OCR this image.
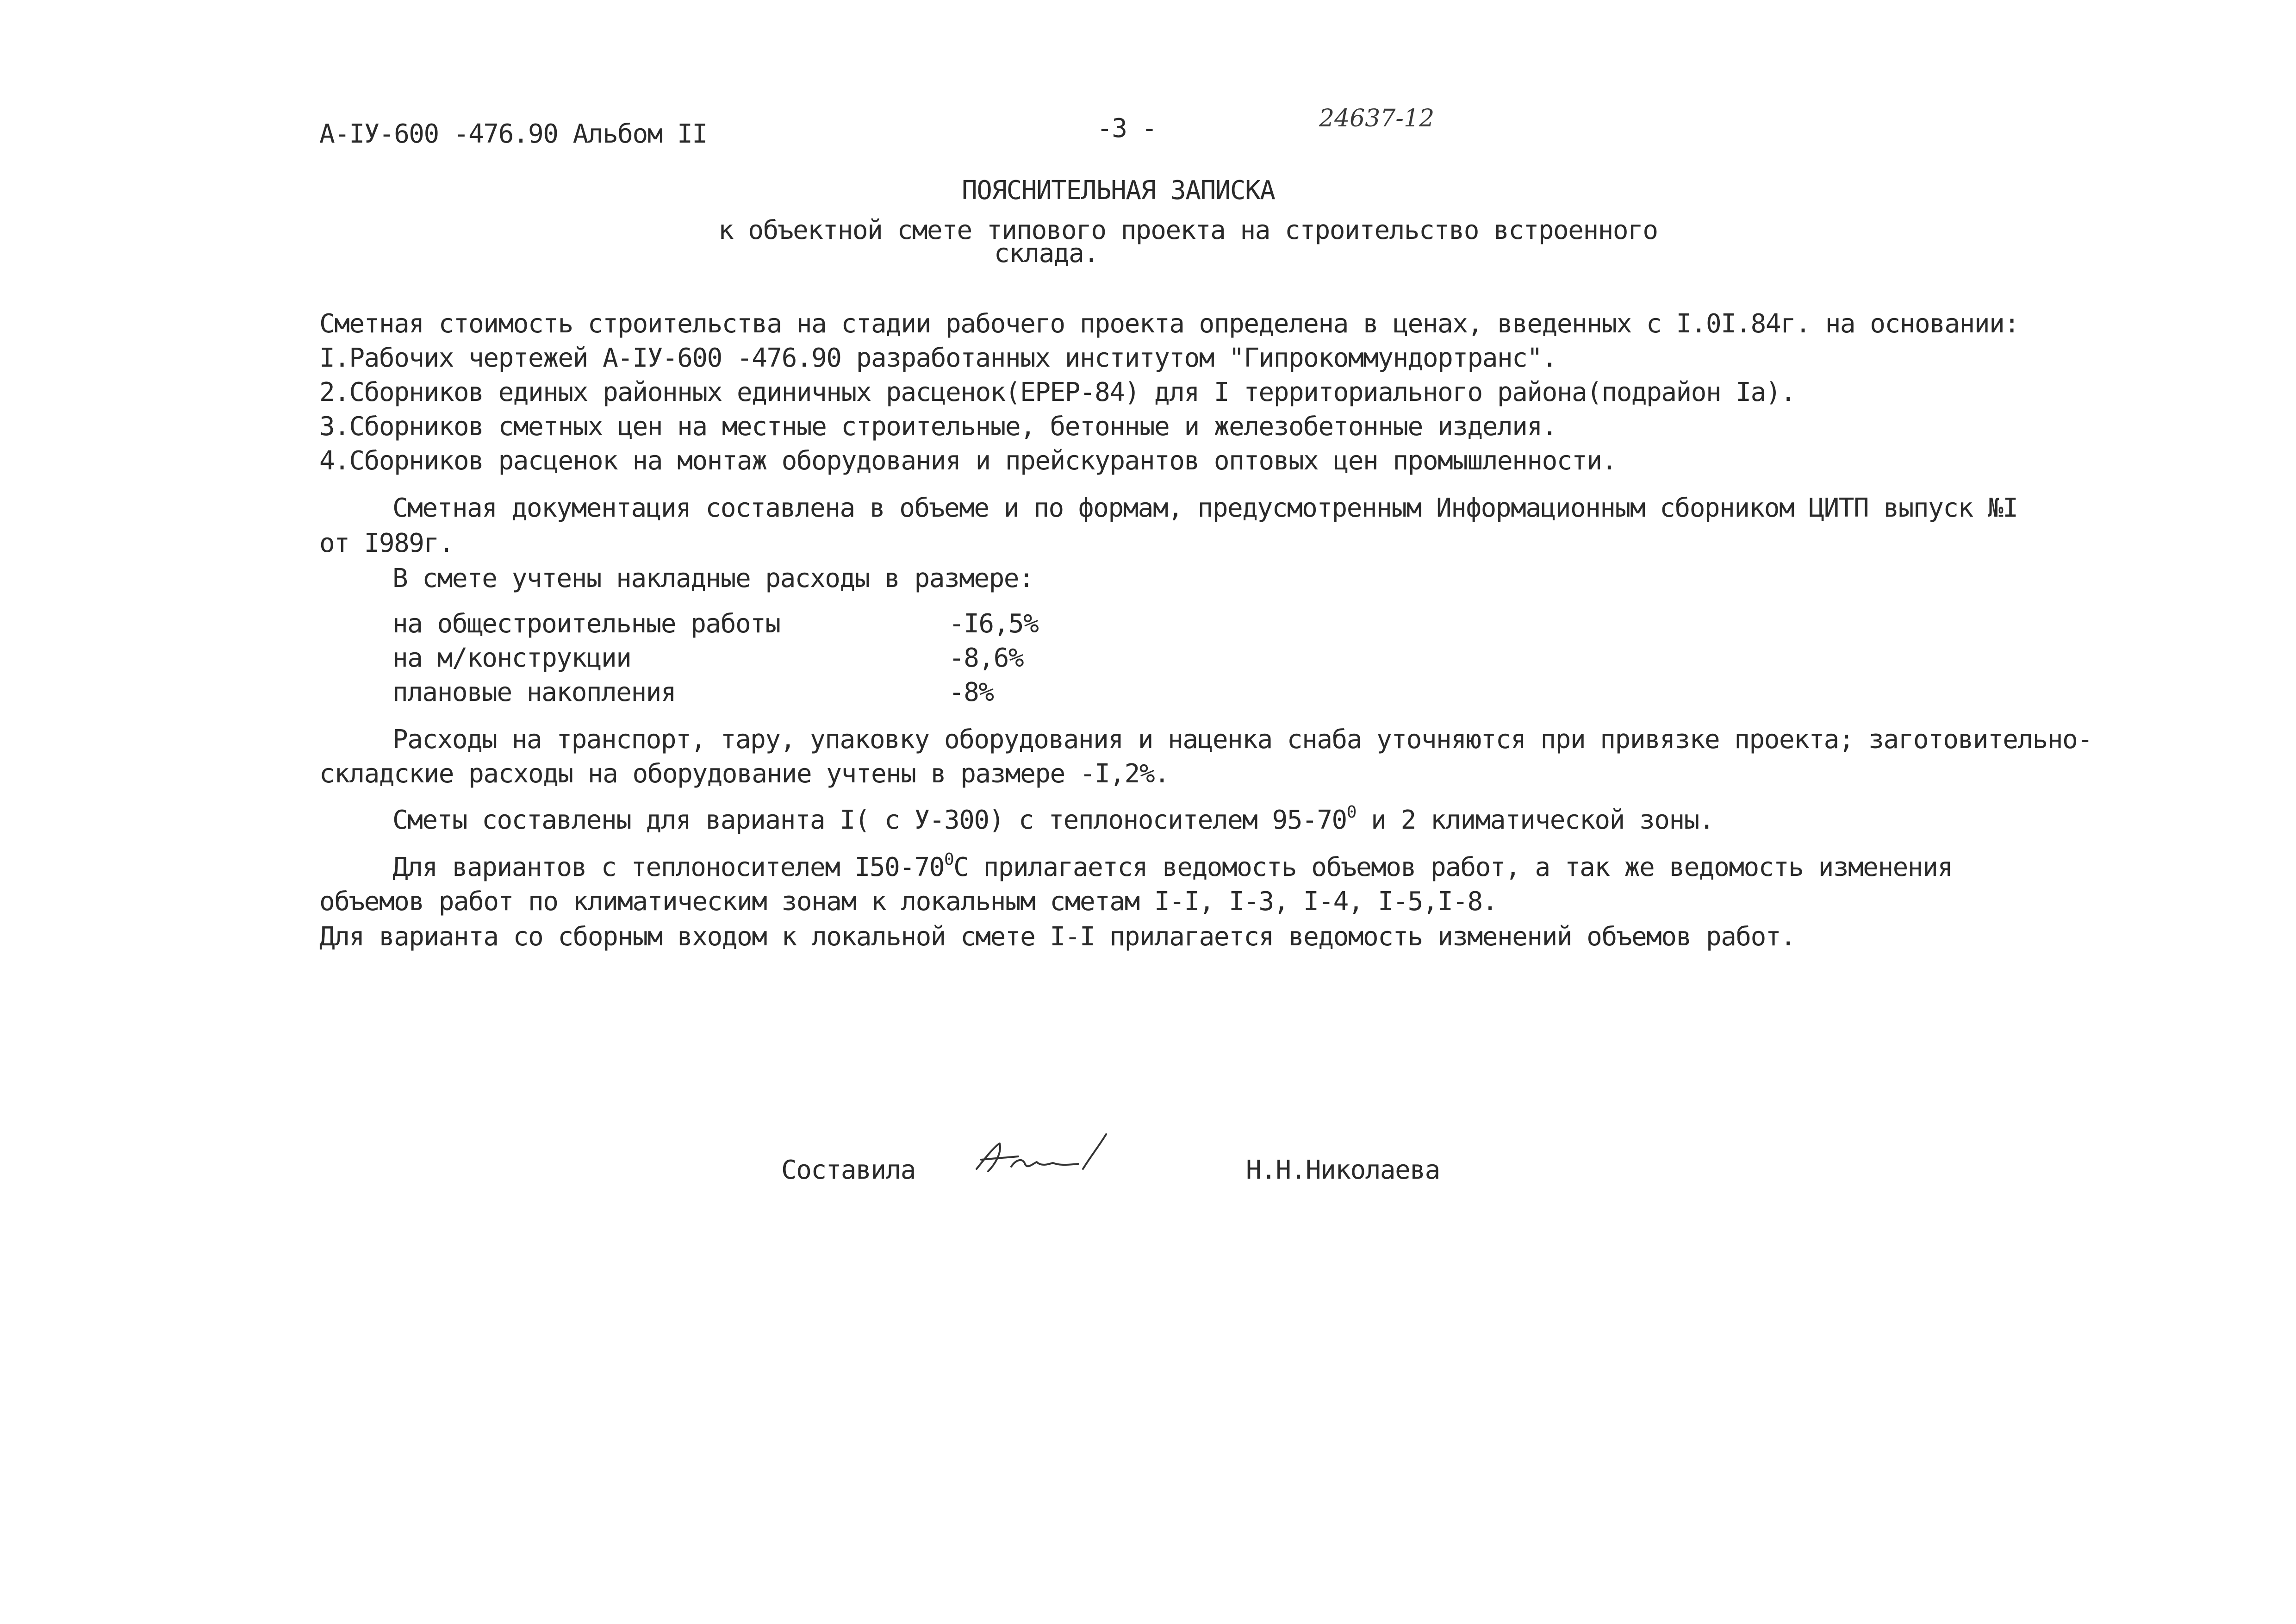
А-IУ-600 -476.90 Альбом II	-3 -	24637-12
ПОЯСНИТЕЛЬНАЯ ЗАПИСКА
к объектной смете типового проекта на строительство встроенного
склада.
Сметная стоимость строительства на стадии рабочего проекта определена в ценах, введенных с I.0I.84г. на основании:
I.Рабочих чертежей А-IУ-600 -476.90 разработанных институтом "Гипрокоммундортранс".
2.Сборников единых районных единичных расценок(ЕРЕР-84) для I территориального района(подрайон Iа).
3.Сборников сметных цен на местные строительные, бетонные и железобетонные изделия.
4.Сборников расценок на монтаж оборудования и прейскурантов оптовых цен промышленности.
Сметная документация составлена в объеме и по формам, предусмотренным Информационным сборником ЦИТП выпуск №I
от I989г.
В смете учтены накладные расходы в размере:
на общестроительные работы	-I6,5%
на м/конструкции	-8,6%
плановые накопления	-8%
Расходы на транспорт, тару, упаковку оборудования и наценка снаба уточняются при привязке проекта; заготовительно-
складские расходы на оборудование учтены в размере -I,2%.
Сметы составлены для варианта I( с У-300) с теплоносителем $95-70^0$ и 2 климатической зоны.
Для вариантов с теплоносителем $I50-70^0С$ прилагается ведомость объемов работ, а так же ведомость изменения
объемов работ по климатическим зонам к локальным сметам I-I, I-3, I-4, I-5,I-8.
Для варианта со сборным входом к локальной смете I-I прилагается ведомость изменений объемов работ.
Составила	Н.Н.Николаева
